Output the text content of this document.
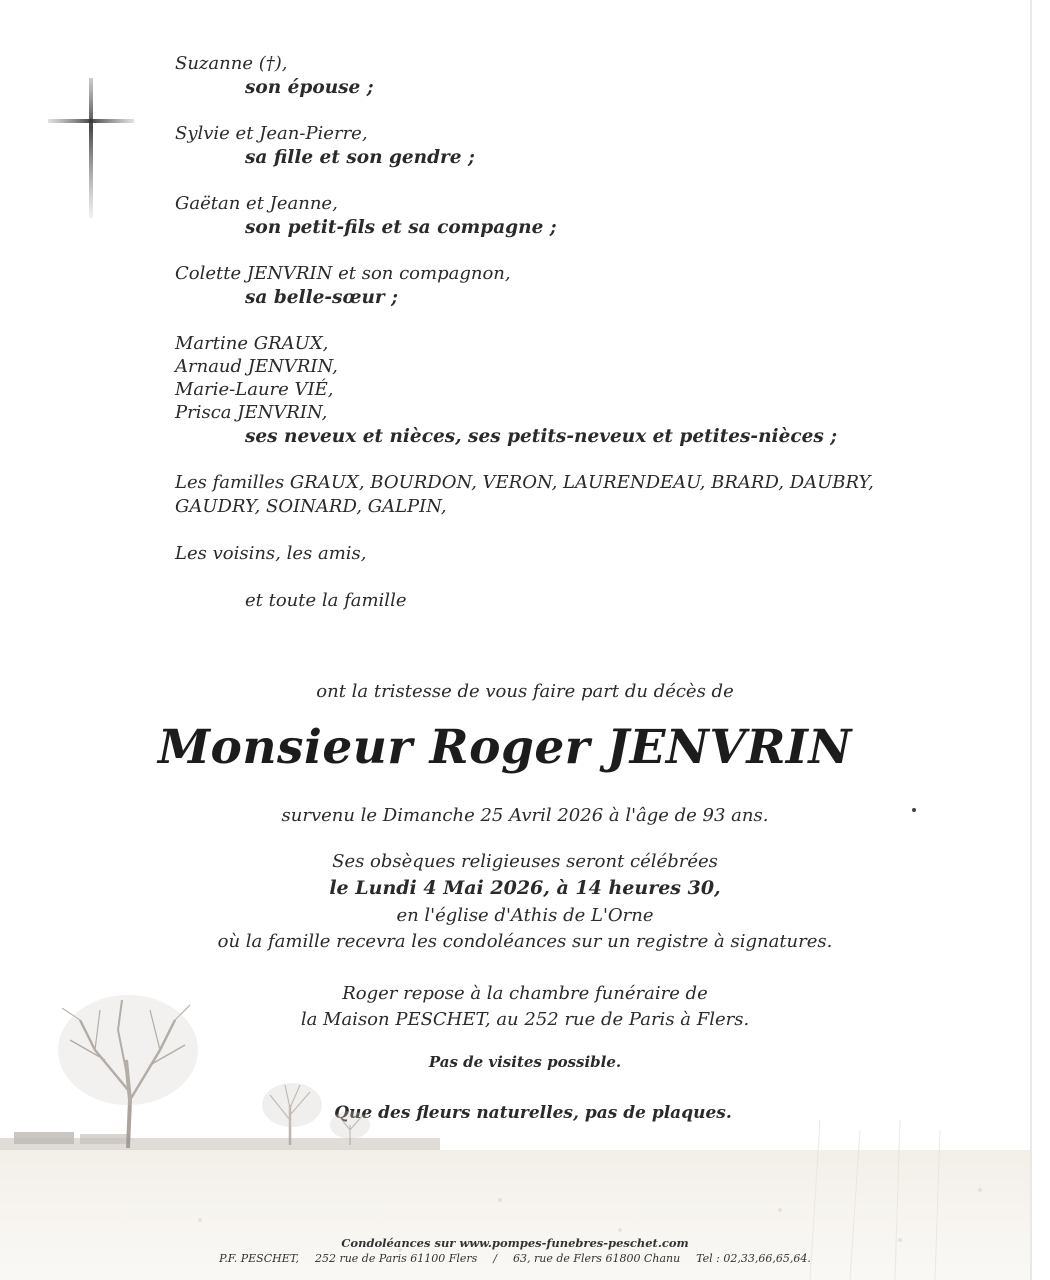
Suzanne (†),
son épouse ;
Sylvie et Jean-Pierre,
sa fille et son gendre ;
Gaëtan et Jeanne,
son petit-fils et sa compagne ;
Colette JENVRIN et son compagnon,
sa belle-sœur ;
Martine GRAUX,
Arnaud JENVRIN,
Marie-Laure VIÉ,
Prisca JENVRIN,
ses neveux et nièces, ses petits-neveux et petites-nièces ;
Les familles GRAUX, BOURDON, VERON, LAURENDEAU, BRARD, DAUBRY,
GAUDRY, SOINARD, GALPIN,
Les voisins, les amis,
et toute la famille
ont la tristesse de vous faire part du décès de
Monsieur Roger JENVRIN
survenu le Dimanche 25 Avril 2026 à l'âge de 93 ans.
Ses obsèques religieuses seront célébrées
le Lundi 4 Mai 2026, à 14 heures 30,
en l'église d'Athis de L'Orne
où la famille recevra les condoléances sur un registre à signatures.
Roger repose à la chambre funéraire de
la Maison PESCHET, au 252 rue de Paris à Flers.
Pas de visites possible.
Que des fleurs naturelles, pas de plaques.
Condoléances sur www.pompes-funebres-peschet.com
P.F. PESCHET, 252 rue de Paris 61100 Flers / 63, rue de Flers 61800 Chanu Tel : 02,33,66,65,64.
